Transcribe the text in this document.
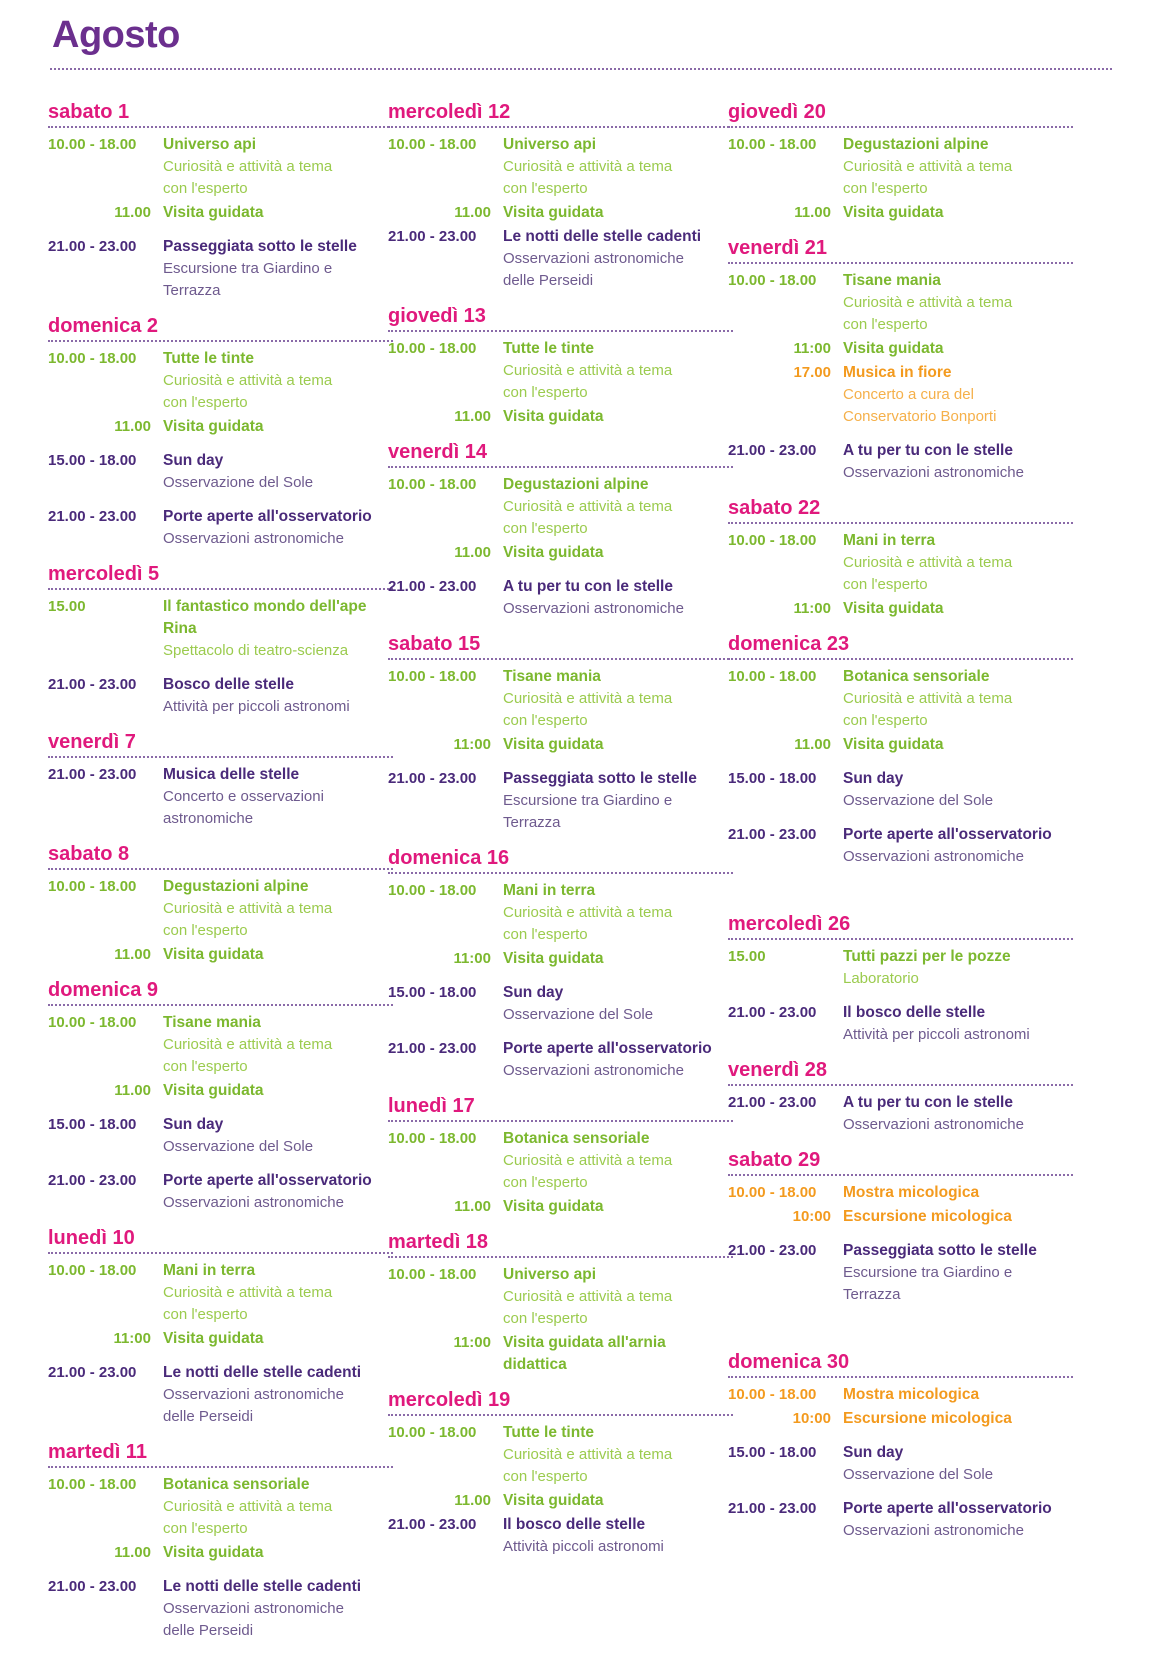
Agosto
sabato 1
10.00 - 18.00	Universo api
Curiosità e attività a tema
con l'esperto
11.00 Visita guidata
21.00 - 23.00	Passeggiata sotto le stelle
Escursione tra Giardino e
Terrazza
domenica 2
10.00 - 18.00	Tutte le tinte
Curiosità e attività a tema
con l'esperto
11.00 Visita guidata
15.00 - 18.00	Sun day
Osservazione del Sole
21.00 - 23.00	Porte aperte all'osservatorio
Osservazioni astronomiche
mercoledì 5
15.00	Il fantastico mondo dell'ape Rina
Spettacolo di teatro-scienza
21.00 - 23.00	Bosco delle stelle
Attività per piccoli astronomi
venerdì 7
21.00 - 23.00	Musica delle stelle
Concerto e osservazioni
astronomiche
sabato 8
10.00 - 18.00	Degustazioni alpine
Curiosità e attività a tema
con l'esperto
11.00 Visita guidata
domenica 9
10.00 - 18.00	Tisane mania
Curiosità e attività a tema
con l'esperto
11.00 Visita guidata
15.00 - 18.00	Sun day
Osservazione del Sole
21.00 - 23.00	Porte aperte all'osservatorio
Osservazioni astronomiche
lunedì 10
10.00 - 18.00	Mani in terra
Curiosità e attività a tema
con l'esperto
11:00 Visita guidata
21.00 - 23.00	Le notti delle stelle cadenti
Osservazioni astronomiche
delle Perseidi
martedì 11
10.00 - 18.00	Botanica sensoriale
Curiosità e attività a tema
con l'esperto
11.00 Visita guidata
21.00 - 23.00	Le notti delle stelle cadenti
Osservazioni astronomiche
delle Perseidi
mercoledì 12
10.00 - 18.00	Universo api
Curiosità e attività a tema
con l'esperto
11.00 Visita guidata
21.00 - 23.00	Le notti delle stelle cadenti
Osservazioni astronomiche
delle Perseidi
giovedì 13
10.00 - 18.00	Tutte le tinte
Curiosità e attività a tema
con l'esperto
11.00 Visita guidata
venerdì 14
10.00 - 18.00	Degustazioni alpine
Curiosità e attività a tema
con l'esperto
11.00 Visita guidata
21.00 - 23.00	A tu per tu con le stelle
Osservazioni astronomiche
sabato 15
10.00 - 18.00	Tisane mania
Curiosità e attività a tema
con l'esperto
11:00 Visita guidata
21.00 - 23.00	Passeggiata sotto le stelle
Escursione tra Giardino e
Terrazza
domenica 16
10.00 - 18.00	Mani in terra
Curiosità e attività a tema
con l'esperto
11:00 Visita guidata
15.00 - 18.00	Sun day
Osservazione del Sole
21.00 - 23.00	Porte aperte all'osservatorio
Osservazioni astronomiche
lunedì 17
10.00 - 18.00	Botanica sensoriale
Curiosità e attività a tema
con l'esperto
11.00 Visita guidata
martedì 18
10.00 - 18.00	Universo api
Curiosità e attività a tema
con l'esperto
11:00 Visita guidata all'arnia didattica
mercoledì 19
10.00 - 18.00	Tutte le tinte
Curiosità e attività a tema
con l'esperto
11.00 Visita guidata
21.00 - 23.00	Il bosco delle stelle
Attività piccoli astronomi
giovedì 20
10.00 - 18.00	Degustazioni alpine
Curiosità e attività a tema
con l'esperto
11.00 Visita guidata
venerdì 21
10.00 - 18.00	Tisane mania
Curiosità e attività a tema
con l'esperto
11:00 Visita guidata
17.00 Musica in fiore
Concerto a cura del
Conservatorio Bonporti
21.00 - 23.00	A tu per tu con le stelle
Osservazioni astronomiche
sabato 22
10.00 - 18.00	Mani in terra
Curiosità e attività a tema
con l'esperto
11:00 Visita guidata
domenica 23
10.00 - 18.00	Botanica sensoriale
Curiosità e attività a tema
con l'esperto
11.00 Visita guidata
15.00 - 18.00	Sun day
Osservazione del Sole
21.00 - 23.00	Porte aperte all'osservatorio
Osservazioni astronomiche
mercoledì 26
15.00	Tutti pazzi per le pozze
Laboratorio
21.00 - 23.00	Il bosco delle stelle
Attività per piccoli astronomi
venerdì 28
21.00 - 23.00	A tu per tu con le stelle
Osservazioni astronomiche
sabato 29
10.00 - 18.00	Mostra micologica
10:00 Escursione micologica
21.00 - 23.00	Passeggiata sotto le stelle
Escursione tra Giardino e
Terrazza
domenica 30
10.00 - 18.00	Mostra micologica
10:00 Escursione micologica
15.00 - 18.00	Sun day
Osservazione del Sole
21.00 - 23.00	Porte aperte all'osservatorio
Osservazioni astronomiche
